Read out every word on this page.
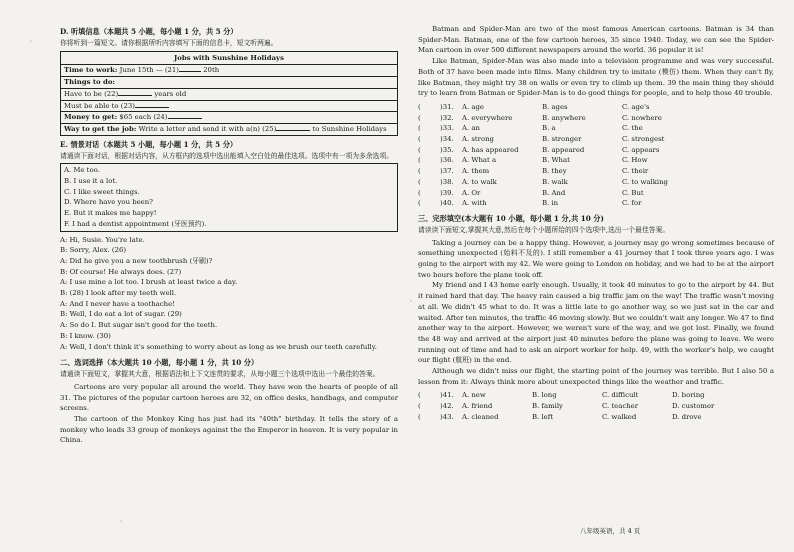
D. 听填信息（本题共 5 小题，每小题 1 分，共 5 分）
你将听到一篇短文。请你根据所听内容填写下面的信息卡，短文听两遍。
Jobs with Sunshine Holidays
Time to work: June 15th — (21)	20th
Things to do:
Have to be (22)	years old
Must be able to (23)
Money to get: $65 each (24)
Way to get the job: Write a letter and send it with a(n) (25)	to Sunshine Holidays
E. 情景对话（本题共 5 小题，每小题 1 分，共 5 分）
请通读下面对话，根据对话内容，从方框内的选项中选出能填入空白处的最佳选项。选项中有一项为多余选项。
A. Me too.
B. I use it a lot.
C. I like sweet things.
D. Where have you been?
E. But it makes me happy!
F. I had a dentist appointment (牙医预约).
A: Hi, Susie. You're late.
B: Sorry, Alex. (26)
A: Did he give you a new toothbrush (牙刷)?
B: Of course! He always does. (27)
A: I use mine a lot too. I brush at least twice a day.
B: (28) I look after my teeth well.
A: And I never have a toothache!
B: Well, I do eat a lot of sugar. (29)
A: So do I. But sugar isn't good for the teeth.
B: I know. (30)
A: Well, I don't think it's something to worry about as long as we brush our teeth carefully.
二、选词选择（本大题共 10 小题，每小题 1 分，共 10 分）
请通读下面短文，掌握其大意，根据语法和上下文连贯的要求，从每小题三个选项中选出一个最佳的答案。
Cartoons are very popular all around the world. They have won the hearts of people of all 31. The pictures of the popular cartoon heroes are 32, on office desks, handbags, and computer screens.
The cartoon of the Monkey King has just had its "40th" birthday. It tells the story of a monkey who leads 33 group of monkeys against the the Emperor in heaven. It is very popular in China.
Batman and Spider-Man are two of the most famous American cartoons. Batman is 34 than Spider-Man. Batman, one of the few cartoon heroes, 35 since 1940. Today, we can see the Spider-Man cartoon in over 500 different newspapers around the world. 36 popular it is!
Like Batman, Spider-Man was also made into a television programme and was very successful. Both of 37 have been made into films. Many children try to imitate (模仿) them. When they can't fly, like Batman, they might try 38 on walls or even try to climb up them. 39 the main thing they should try to learn from Batman or Spider-Man is to do good things for people, and to help those 40 trouble.
(	)31.	A. age	B. ages	C. age's
(	)32.	A. everywhere	B. anywhere	C. nowhere
(	)33.	A. an	B. a	C. the
(	)34.	A. strong	B. stronger	C. strongest
(	)35.	A. has appeared	B. appeared	C. appears
(	)36.	A. What a	B. What	C. How
(	)37.	A. them	B. they	C. their
(	)38.	A. to walk	B. walk	C. to walking
(	)39.	A. Or	B. And	C. But
(	)40.	A. with	B. in	C. for
三、完形填空(本大题有 10 小题，每小题 1 分,共 10 分)
请读读下面短文,掌握其大意,然后在每个小题所给的四个选项中,选出一个最佳答案。
Taking a journey can be a happy thing. However, a journey may go wrong sometimes because of something unexpected (始料不及的). I still remember a 41 journey that I took three years ago. I was going to the airport with my 42. We were going to London on holiday, and we had to be at the airport two hours before the plane took off.
My friend and I 43 home early enough. Usually, it took 40 minutes to go to the airport by 44. But it rained hard that day. The heavy rain caused a big traffic jam on the way! The traffic wasn't moving at all. We didn't 45 what to do. It was a little late to go another way, so we just sat in the car and waited. After ten minutes, the traffic 46 moving slowly. But we couldn't wait any longer. We 47 to find another way to the airport. However, we weren't sure of the way, and we got lost. Finally, we found the 48 way and arrived at the airport just 40 minutes before the plane was going to leave. We were running out of time and had to ask an airport worker for help. 49, with the worker's help, we caught our flight (航班) in the end.
Although we didn't miss our flight, the starting point of the journey was terrible. But I also 50 a lesson from it: Always think more about unexpected things like the weather and traffic.
(	)41.	A. new	B. long	C. difficult	D. boring
(	)42.	A. friend	B. family	C. teacher	D. customer
(	)43.	A. cleaned	B. left	C. walked	D. drove
八年级英语，共 4 页
